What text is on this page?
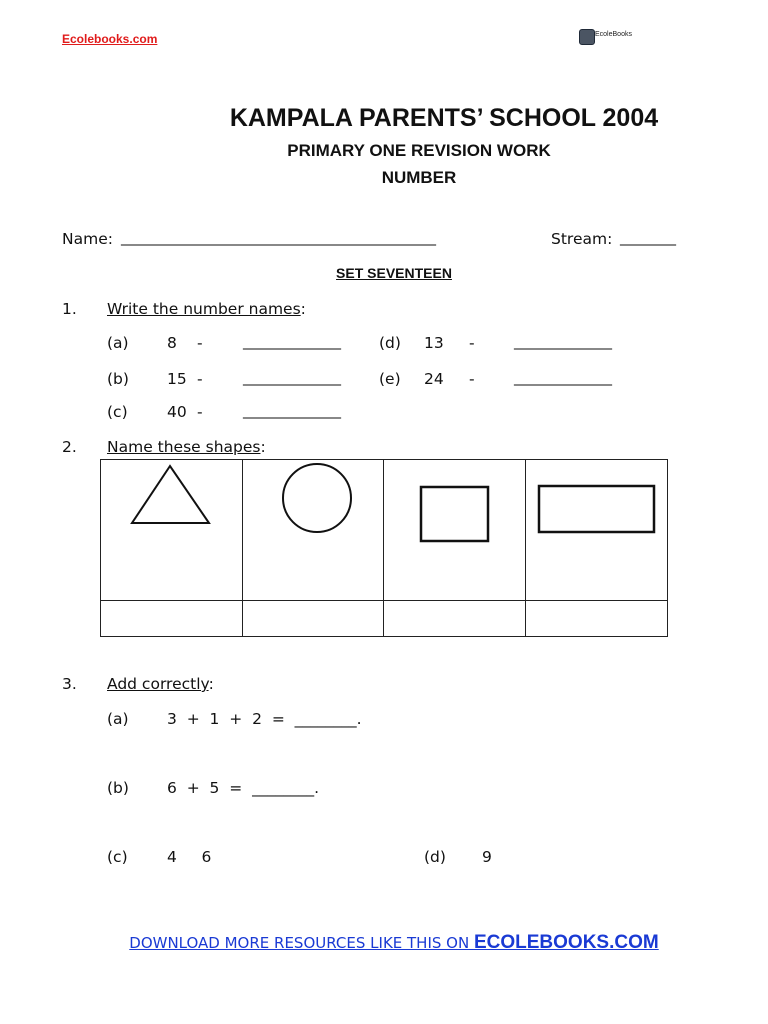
Ecolebooks.com	EcoleBooks
KAMPALA PARENTS’ SCHOOL 2004
PRIMARY ONE REVISION WORK
NUMBER
Name: _____________________________________________	Stream: ________
SET SEVENTEEN
1. Write the number names:
(a) 8 -	______________ (d) 13 -	______________
(b) 15 -	______________ (e) 24 -	______________
(c)	40 -	______________
2. Name these shapes:

3. Add correctly:
(a) 3  +  1  +  2  =  ________.
(b) 6  +  5  =  ________.
(c)	4     6	(d) 9
DOWNLOAD MORE RESOURCES LIKE THIS ON ECOLEBOOKS.COM
